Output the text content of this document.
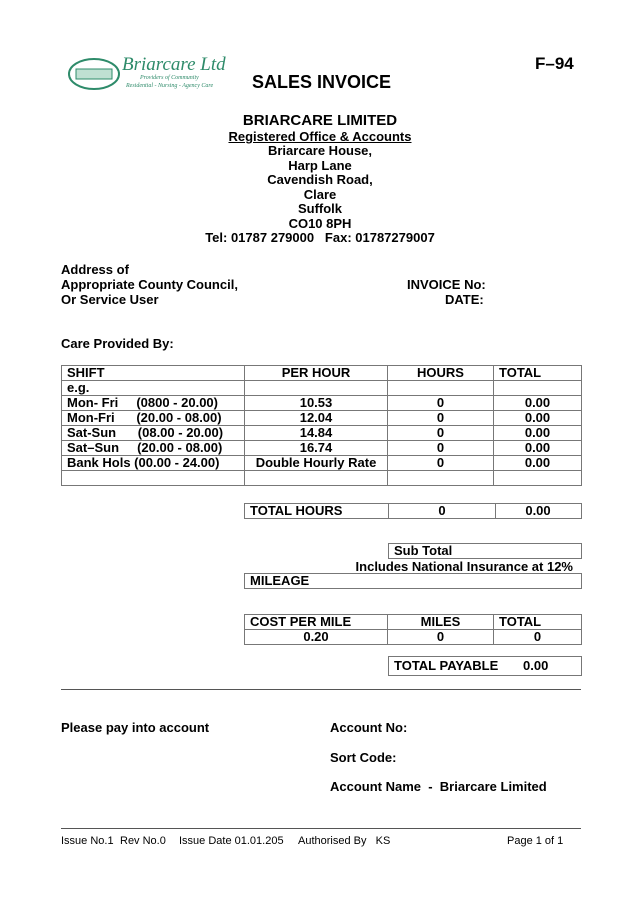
Briarcare Ltd
Providers of Community
Residential - Nursing - Agency Care
F–94
SALES INVOICE
BRIARCARE LIMITED
Registered Office & Accounts
Briarcare House,
Harp Lane
Cavendish Road,
Clare
Suffolk
CO10 8PH
Tel: 01787 279000   Fax: 01787279007
Address of
Appropriate County Council,
Or Service User
INVOICE No:
DATE:
Care Provided By:
SHIFT	PER HOUR	HOURS	TOTAL
e.g.			
Mon- Fri     (0800 - 20.00)	10.53	0	0.00
Mon-Fri      (20.00 - 08.00)	12.04	0	0.00
Sat-Sun      (08.00 - 20.00)	14.84	0	0.00
Sat–Sun     (20.00 - 08.00)	16.74	0	0.00
Bank Hols (00.00 - 24.00)	Double Hourly Rate	0	0.00

TOTAL HOURS	0	0.00
Sub Total
Includes National Insurance at 12%
MILEAGE
COST PER MILE	MILES	TOTAL
0.20	0	0
TOTAL PAYABLE 0.00
Please pay into account	Account No:
Sort Code:
Account Name  -  Briarcare Limited
Issue No.1 Rev No.0 Issue Date 01.01.205 Authorised By   KS	Page 1 of 1
